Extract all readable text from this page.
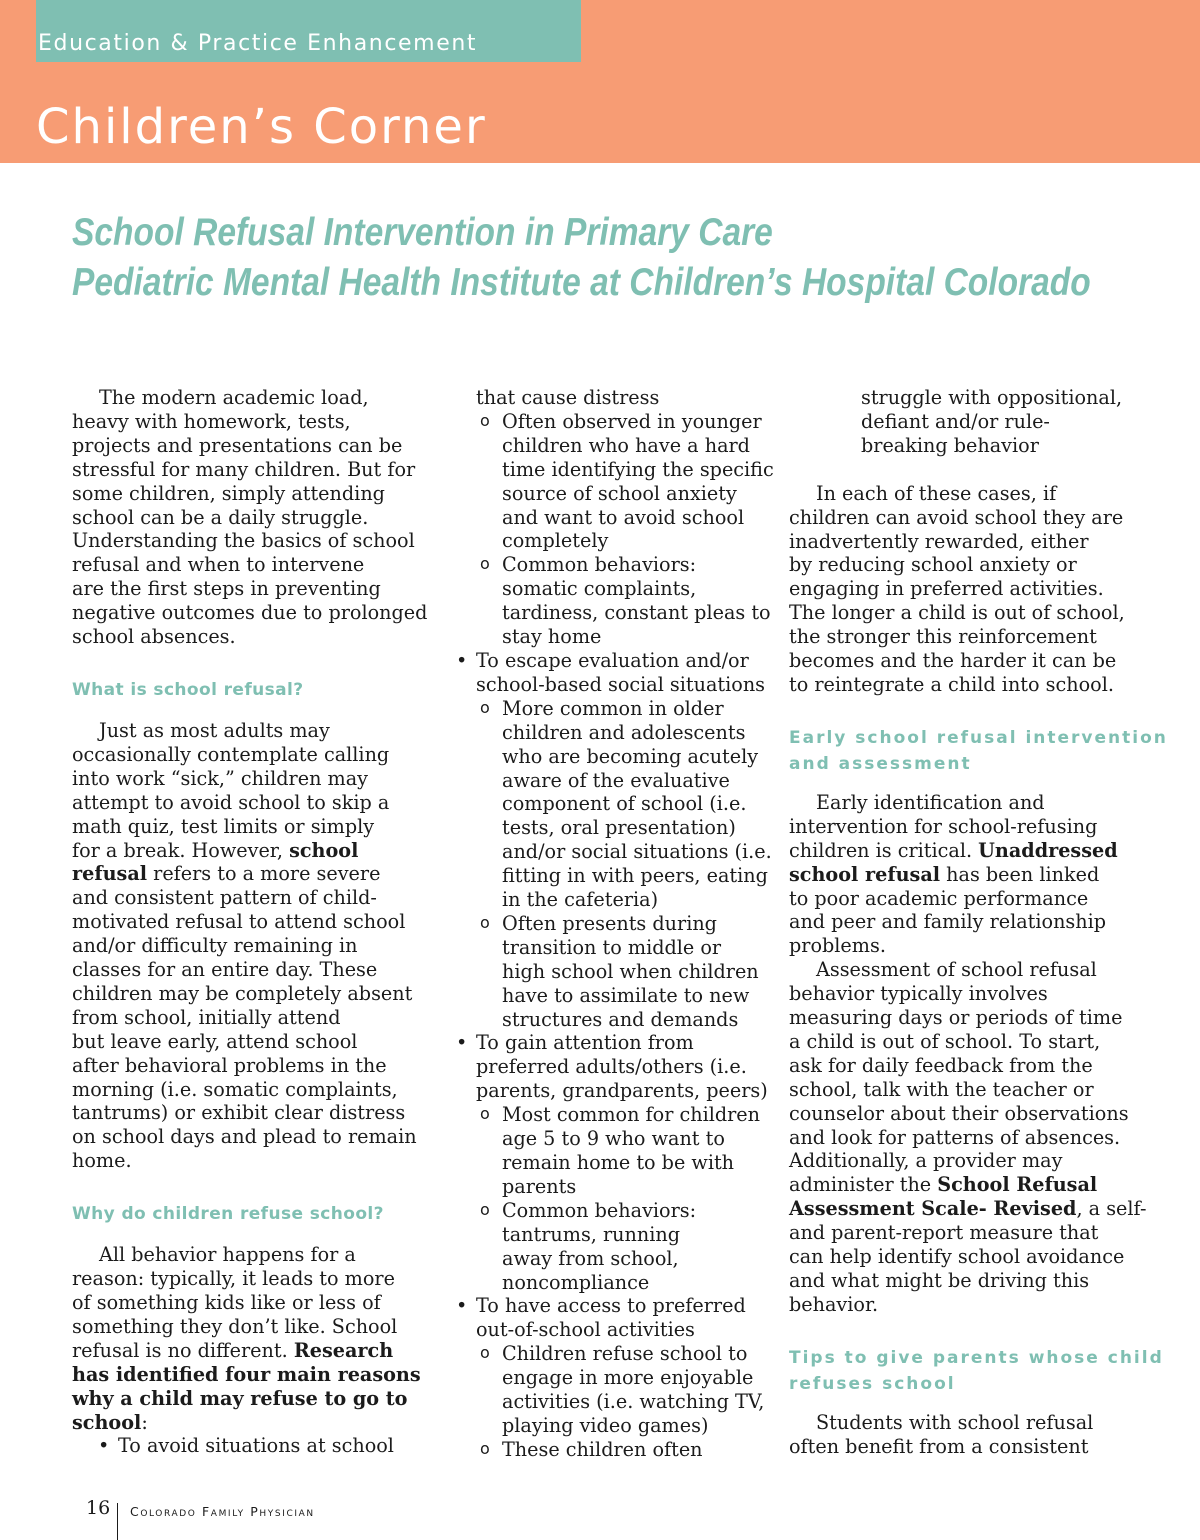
Education & Practice Enhancement

Children’s Corner
School Refusal Intervention in Primary Care
Pediatric Mental Health Institute at Children’s Hospital Colorado

The modern academic load,
heavy with homework, tests,
projects and presentations can be
stressful for many children. But for
some children, simply attending
school can be a daily struggle.
Understanding the basics of school
refusal and when to intervene
are the first steps in preventing
negative outcomes due to prolonged
school absences.

What is school refusal?

Just as most adults may
occasionally contemplate calling
into work “sick,” children may
attempt to avoid school to skip a
math quiz, test limits or simply
for a break. However, school
refusal refers to a more severe
and consistent pattern of child-
motivated refusal to attend school
and/or difficulty remaining in
classes for an entire day. These
children may be completely absent
from school, initially attend
but leave early, attend school
after behavioral problems in the
morning (i.e. somatic complaints,
tantrums) or exhibit clear distress
on school days and plead to remain
home.

Why do children refuse school?

All behavior happens for a
reason: typically, it leads to more
of something kids like or less of
something they don’t like. School
refusal is no different. Research
has identified four main reasons
why a child may refuse to go to
school:

• To avoid situations at school

that cause distress

o Often observed in younger
children who have a hard
time identifying the specific
source of school anxiety
and want to avoid school
completely

o Common behaviors:
somatic complaints,
tardiness, constant pleas to
stay home

• To escape evaluation and/or
school-based social situations

o More common in older
children and adolescents
who are becoming acutely
aware of the evaluative
component of school (i.e.
tests, oral presentation)
and/or social situations (i.e.
fitting in with peers, eating
in the cafeteria)

o Often presents during
transition to middle or
high school when children
have to assimilate to new
structures and demands

• To gain attention from
preferred adults/others (i.e.
parents, grandparents, peers)

o Most common for children
age 5 to 9 who want to
remain home to be with
parents

o Common behaviors:
tantrums, running
away from school,
noncompliance

• To have access to preferred
out-of-school activities

o Children refuse school to
engage in more enjoyable
activities (i.e. watching TV,
playing video games)

o These children often

struggle with oppositional,
defiant and/or rule-
breaking behavior

In each of these cases, if
children can avoid school they are
inadvertently rewarded, either
by reducing school anxiety or
engaging in preferred activities.
The longer a child is out of school,
the stronger this reinforcement
becomes and the harder it can be
to reintegrate a child into school.

Early school refusal intervention
and assessment

Early identification and
intervention for school-refusing
children is critical. Unaddressed
school refusal has been linked
to poor academic performance
and peer and family relationship
problems.

Assessment of school refusal
behavior typically involves
measuring days or periods of time
a child is out of school. To start,
ask for daily feedback from the
school, talk with the teacher or
counselor about their observations
and look for patterns of absences.
Additionally, a provider may
administer the School Refusal
Assessment Scale- Revised, a self-
and parent-report measure that
can help identify school avoidance
and what might be driving this
behavior.

Tips to give parents whose child
refuses school

Students with school refusal
often benefit from a consistent

16 Colorado Family Physician
